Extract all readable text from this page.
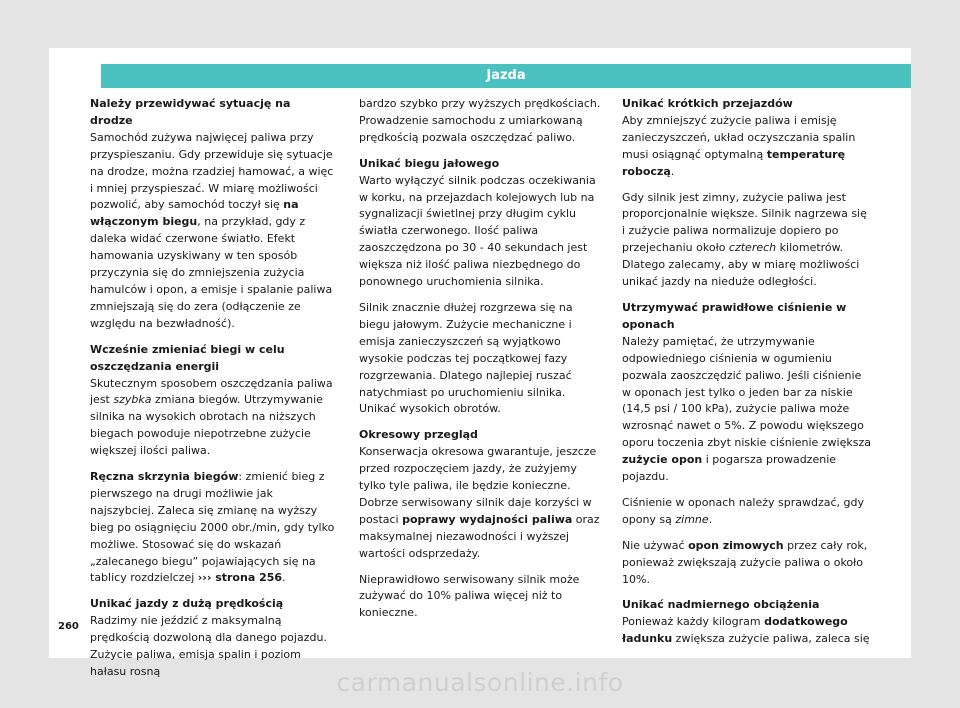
Jazda
Należy przewidywać sytuację na drodze

Samochód zużywa najwięcej paliwa przy przyspieszaniu. Gdy przewiduje się sytuacje na drodze, można rzadziej hamować, a więc i mniej przyspieszać. W miarę możliwości pozwolić, aby samochód toczył się na włączonym biegu, na przykład, gdy z daleka widać czerwone światło. Efekt hamowania uzyskiwany w ten sposób przyczynia się do zmniejszenia zużycia hamulców i opon, a emisje i spalanie paliwa zmniejszają się do zera (odłączenie ze względu na bezwładność).

Wcześnie zmieniać biegi w celu oszczędzania energii

Skutecznym sposobem oszczędzania paliwa jest szybka zmiana biegów. Utrzymywanie silnika na wysokich obrotach na niższych biegach powoduje niepotrzebne zużycie większej ilości paliwa.

Ręczna skrzynia biegów: zmienić bieg z pierwszego na drugi możliwie jak najszybciej. Zaleca się zmianę na wyższy bieg po osiągnięciu 2000 obr./min, gdy tylko możliwe. Stosować się do wskazań „zalecanego biegu” pojawiających się na tablicy rozdzielczej ››› strona 256.

Unikać jazdy z dużą prędkością

Radzimy nie jeździć z maksymalną prędkością dozwoloną dla danego pojazdu. Zużycie paliwa, emisja spalin i poziom hałasu rosną

bardzo szybko przy wyższych prędkościach. Prowadzenie samochodu z umiarkowaną prędkością pozwala oszczędzać paliwo.

Unikać biegu jałowego

Warto wyłączyć silnik podczas oczekiwania w korku, na przejazdach kolejowych lub na sygnalizacji świetlnej przy długim cyklu światła czerwonego. Ilość paliwa zaoszczędzona po 30 - 40 sekundach jest większa niż ilość paliwa niezbędnego do ponownego uruchomienia silnika.

Silnik znacznie dłużej rozgrzewa się na biegu jałowym. Zużycie mechaniczne i emisja zanieczyszczeń są wyjątkowo wysokie podczas tej początkowej fazy rozgrzewania. Dlatego najlepiej ruszać natychmiast po uruchomieniu silnika. Unikać wysokich obrotów.

Okresowy przegląd

Konserwacja okresowa gwarantuje, jeszcze przed rozpoczęciem jazdy, że zużyjemy tylko tyle paliwa, ile będzie konieczne. Dobrze serwisowany silnik daje korzyści w postaci poprawy wydajności paliwa oraz maksymalnej niezawodności i wyższej wartości odsprzedaży.

Nieprawidłowo serwisowany silnik może zużywać do 10% paliwa więcej niż to konieczne.

Unikać krótkich przejazdów

Aby zmniejszyć zużycie paliwa i emisję zanieczyszczeń, układ oczyszczania spalin musi osiągnąć optymalną temperaturę roboczą.

Gdy silnik jest zimny, zużycie paliwa jest proporcjonalnie większe. Silnik nagrzewa się i zużycie paliwa normalizuje dopiero po przejechaniu około czterech kilometrów. Dlatego zalecamy, aby w miarę możliwości unikać jazdy na nieduże odległości.

Utrzymywać prawidłowe ciśnienie w oponach

Należy pamiętać, że utrzymywanie odpowiedniego ciśnienia w ogumieniu pozwala zaoszczędzić paliwo. Jeśli ciśnienie w oponach jest tylko o jeden bar za niskie (14,5 psi / 100 kPa), zużycie paliwa może wzrosnąć nawet o 5%. Z powodu większego oporu toczenia zbyt niskie ciśnienie zwiększa zużycie opon i pogarsza prowadzenie pojazdu.

Ciśnienie w oponach należy sprawdzać, gdy opony są zimne.

Nie używać opon zimowych przez cały rok, ponieważ zwiększają zużycie paliwa o około 10%.

Unikać nadmiernego obciążenia

Ponieważ każdy kilogram dodatkowego ładunku zwiększa zużycie paliwa, zaleca się

260
carmanualsonline.info
